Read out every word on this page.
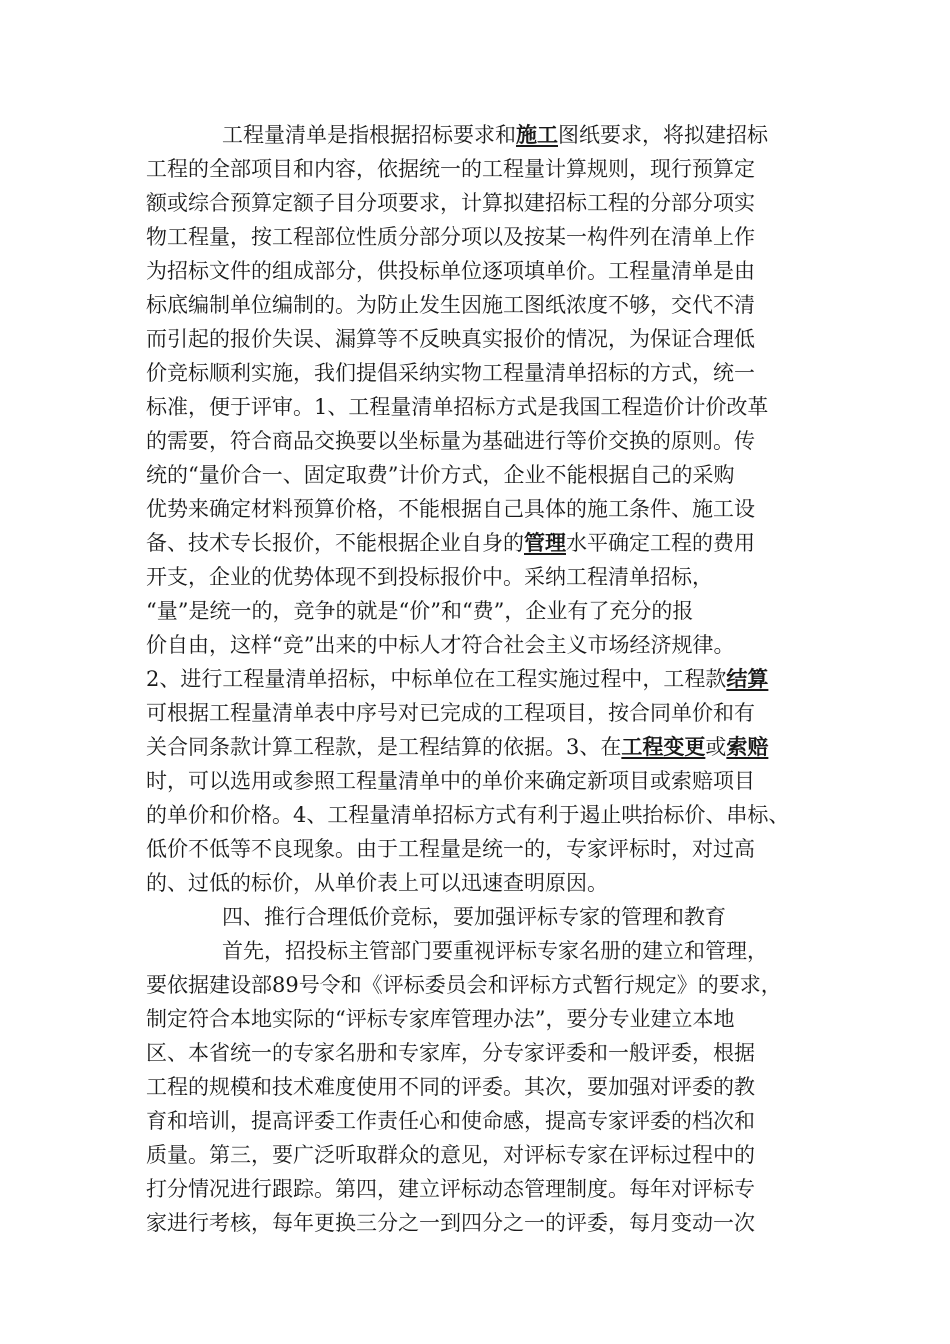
工程量清单是指根据招标要求和施工图纸要求，将拟建招标
工程的全部项目和内容，依据统一的工程量计算规则，现行预算定
额或综合预算定额子目分项要求，计算拟建招标工程的分部分项实
物工程量，按工程部位性质分部分项以及按某一构件列在清单上作
为招标文件的组成部分，供投标单位逐项填单价。工程量清单是由
标底编制单位编制的。为防止发生因施工图纸浓度不够，交代不清
而引起的报价失误、漏算等不反映真实报价的情况，为保证合理低
价竞标顺利实施，我们提倡采纳实物工程量清单招标的方式，统一
标准，便于评审。1、工程量清单招标方式是我国工程造价计价改革
的需要，符合商品交换要以坐标量为基础进行等价交换的原则。传
统的“量价合一、固定取费”计价方式，企业不能根据自己的采购
优势来确定材料预算价格，不能根据自己具体的施工条件、施工设
备、技术专长报价，不能根据企业自身的管理水平确定工程的费用
开支，企业的优势体现不到投标报价中。采纳工程清单招标，
“量”是统一的，竞争的就是“价”和“费”，企业有了充分的报
价自由，这样“竞”出来的中标人才符合社会主义市场经济规律。
2、进行工程量清单招标，中标单位在工程实施过程中，工程款结算
可根据工程量清单表中序号对已完成的工程项目，按合同单价和有
关合同条款计算工程款，是工程结算的依据。3、在工程变更或索赔
时，可以选用或参照工程量清单中的单价来确定新项目或索赔项目
的单价和价格。4、工程量清单招标方式有利于遏止哄抬标价、串标、
低价不低等不良现象。由于工程量是统一的，专家评标时，对过高
的、过低的标价，从单价表上可以迅速查明原因。
四、推行合理低价竞标，要加强评标专家的管理和教育
首先，招投标主管部门要重视评标专家名册的建立和管理，
要依据建设部89号令和《评标委员会和评标方式暂行规定》的要求，
制定符合本地实际的“评标专家库管理办法”，要分专业建立本地
区、本省统一的专家名册和专家库，分专家评委和一般评委，根据
工程的规模和技术难度使用不同的评委。其次，要加强对评委的教
育和培训，提高评委工作责任心和使命感，提高专家评委的档次和
质量。第三，要广泛听取群众的意见，对评标专家在评标过程中的
打分情况进行跟踪。第四，建立评标动态管理制度。每年对评标专
家进行考核，每年更换三分之一到四分之一的评委，每月变动一次
